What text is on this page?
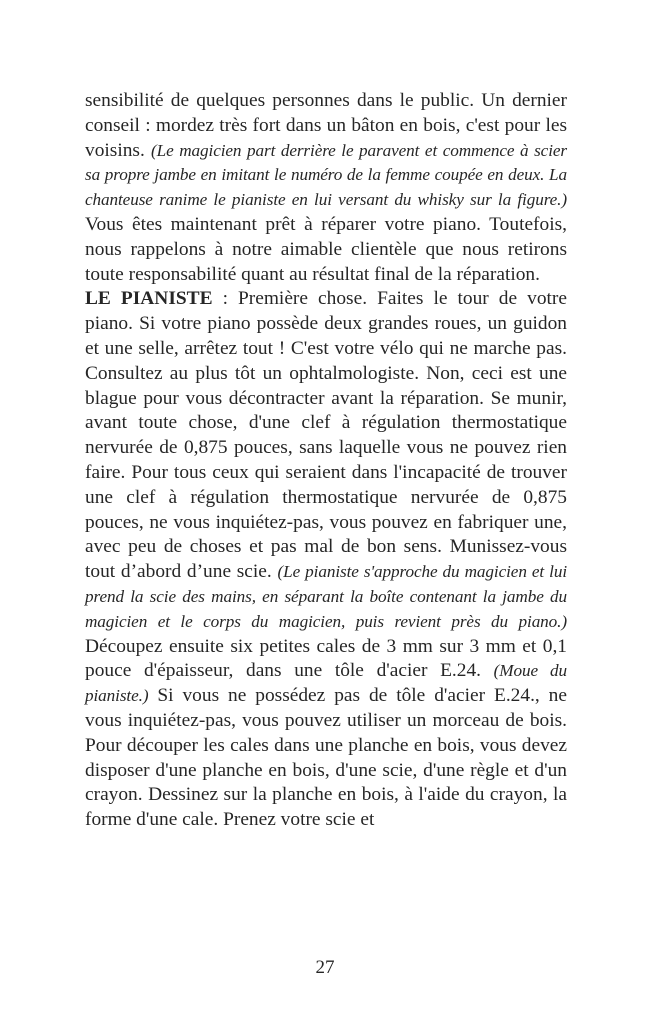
sensibilité de quelques personnes dans le public. Un dernier conseil : mordez très fort dans un bâton en bois, c'est pour les voisins. (Le magicien part derrière le paravent et commence à scier sa propre jambe en imitant le numéro de la femme coupée en deux. La chanteuse ranime le pianiste en lui versant du whisky sur la figure.) Vous êtes maintenant prêt à réparer votre piano. Toutefois, nous rappelons à notre aimable clientèle que nous retirons toute responsabilité quant au résultat final de la réparation.

LE PIANISTE : Première chose. Faites le tour de votre piano. Si votre piano possède deux grandes roues, un guidon et une selle, arrêtez tout ! C'est votre vélo qui ne marche pas. Consultez au plus tôt un ophtalmologiste. Non, ceci est une blague pour vous décontracter avant la réparation. Se munir, avant toute chose, d'une clef à régulation thermostatique nervurée de 0,875 pouces, sans laquelle vous ne pouvez rien faire. Pour tous ceux qui seraient dans l'incapacité de trouver une clef à régulation thermostatique nervurée de 0,875 pouces, ne vous inquiétez-pas, vous pouvez en fabriquer une, avec peu de choses et pas mal de bon sens. Munissez-vous tout d’abord d’une scie. (Le pianiste s'approche du magicien et lui prend la scie des mains, en séparant la boîte contenant la jambe du magicien et le corps du magicien, puis revient près du piano.) Découpez ensuite six petites cales de 3 mm sur 3 mm et 0,1 pouce d'épaisseur, dans une tôle d'acier E.24. (Moue du pianiste.) Si vous ne possédez pas de tôle d'acier E.24., ne vous inquiétez-pas, vous pouvez utiliser un morceau de bois. Pour découper les cales dans une planche en bois, vous devez disposer d'une planche en bois, d'une scie, d'une règle et d'un crayon. Dessinez sur la planche en bois, à l'aide du crayon, la forme d'une cale. Prenez votre scie et

27
